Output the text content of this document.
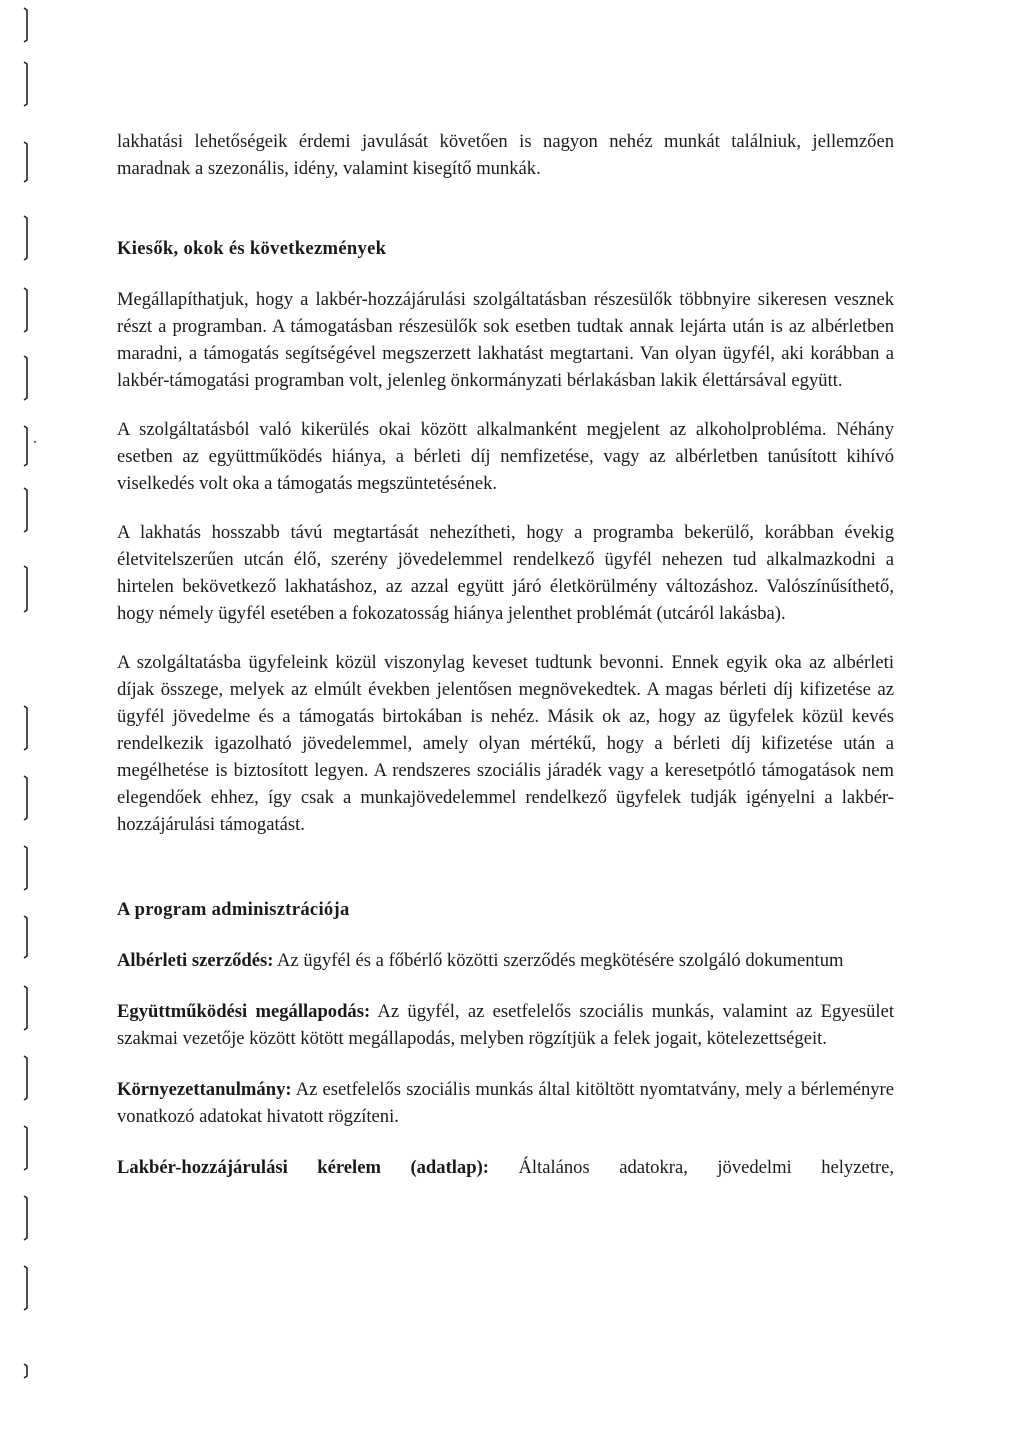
lakhatási lehetőségeik érdemi javulását követően is nagyon nehéz munkát találniuk, jellemzően maradnak a szezonális, idény, valamint kisegítő munkák.

Kiesők, okok és következmények

Megállapíthatjuk, hogy a lakbér-hozzájárulási szolgáltatásban részesülők többnyire sikeresen vesznek részt a programban. A támogatásban részesülők sok esetben tudtak annak lejárta után is az albérletben maradni, a támogatás segítségével megszerzett lakhatást megtartani. Van olyan ügyfél, aki korábban a lakbér-támogatási programban volt, jelenleg önkormányzati bérlakásban lakik élettársával együtt.

A szolgáltatásból való kikerülés okai között alkalmanként megjelent az alkoholprobléma. Néhány esetben az együttműködés hiánya, a bérleti díj nemfizetése, vagy az albérletben tanúsított kihívó viselkedés volt oka a támogatás megszüntetésének.

A lakhatás hosszabb távú megtartását nehezítheti, hogy a programba bekerülő, korábban évekig életvitelszerűen utcán élő, szerény jövedelemmel rendelkező ügyfél nehezen tud alkalmazkodni a hirtelen bekövetkező lakhatáshoz, az azzal együtt járó életkörülmény változáshoz. Valószínűsíthető, hogy némely ügyfél esetében a fokozatosság hiánya jelenthet problémát (utcáról lakásba).

A szolgáltatásba ügyfeleink közül viszonylag keveset tudtunk bevonni. Ennek egyik oka az albérleti díjak összege, melyek az elmúlt években jelentősen megnövekedtek. A magas bérleti díj kifizetése az ügyfél jövedelme és a támogatás birtokában is nehéz. Másik ok az, hogy az ügyfelek közül kevés rendelkezik igazolható jövedelemmel, amely olyan mértékű, hogy a bérleti díj kifizetése után a megélhetése is biztosított legyen. A rendszeres szociális járadék vagy a keresetpótló támogatások nem elegendőek ehhez, így csak a munkajövedelemmel rendelkező ügyfelek tudják igényelni a lakbér-hozzájárulási támogatást.

A program adminisztrációja

Albérleti szerződés: Az ügyfél és a főbérlő közötti szerződés megkötésére szolgáló dokumentum

Együttműködési megállapodás: Az ügyfél, az esetfelelős szociális munkás, valamint az Egyesület szakmai vezetője között kötött megállapodás, melyben rögzítjük a felek jogait, kötelezettségeit.

Környezettanulmány: Az esetfelelős szociális munkás által kitöltött nyomtatvány, mely a bérleményre vonatkozó adatokat hivatott rögzíteni.

Lakbér-hozzájárulási kérelem (adatlap): Általános adatokra, jövedelmi helyzetre,
